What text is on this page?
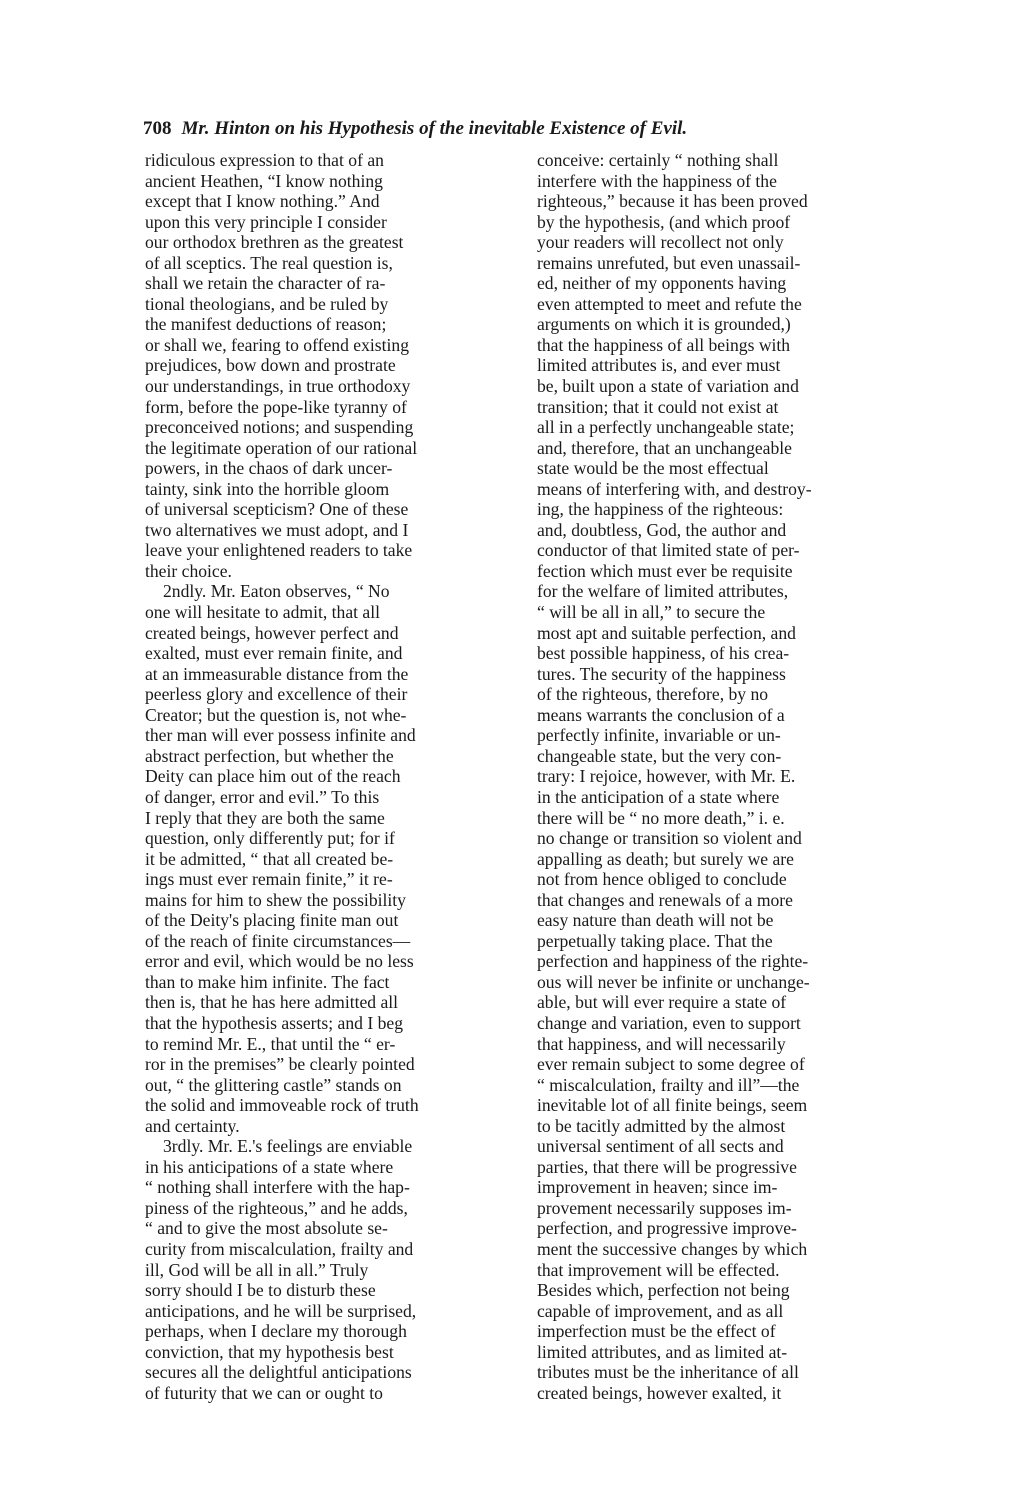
708 Mr. Hinton on his Hypothesis of the inevitable Existence of Evil.
ridiculous expression to that of an
ancient Heathen, “I know nothing
except that I know nothing.” And
upon this very principle I consider
our orthodox brethren as the greatest
of all sceptics. The real question is,
shall we retain the character of ra-
tional theologians, and be ruled by
the manifest deductions of reason;
or shall we, fearing to offend existing
prejudices, bow down and prostrate
our understandings, in true orthodoxy
form, before the pope-like tyranny of
preconceived notions; and suspending
the legitimate operation of our rational
powers, in the chaos of dark uncer-
tainty, sink into the horrible gloom
of universal scepticism? One of these
two alternatives we must adopt, and I
leave your enlightened readers to take
their choice.
2ndly. Mr. Eaton observes, “ No
one will hesitate to admit, that all
created beings, however perfect and
exalted, must ever remain finite, and
at an immeasurable distance from the
peerless glory and excellence of their
Creator; but the question is, not whe-
ther man will ever possess infinite and
abstract perfection, but whether the
Deity can place him out of the reach
of danger, error and evil.” To this
I reply that they are both the same
question, only differently put; for if
it be admitted, “ that all created be-
ings must ever remain finite,” it re-
mains for him to shew the possibility
of the Deity's placing finite man out
of the reach of finite circumstances—
error and evil, which would be no less
than to make him infinite. The fact
then is, that he has here admitted all
that the hypothesis asserts; and I beg
to remind Mr. E., that until the “ er-
ror in the premises” be clearly pointed
out, “ the glittering castle” stands on
the solid and immoveable rock of truth
and certainty.
3rdly. Mr. E.'s feelings are enviable
in his anticipations of a state where
“ nothing shall interfere with the hap-
piness of the righteous,” and he adds,
“ and to give the most absolute se-
curity from miscalculation, frailty and
ill, God will be all in all.” Truly
sorry should I be to disturb these
anticipations, and he will be surprised,
perhaps, when I declare my thorough
conviction, that my hypothesis best
secures all the delightful anticipations
of futurity that we can or ought to
conceive: certainly “ nothing shall
interfere with the happiness of the
righteous,” because it has been proved
by the hypothesis, (and which proof
your readers will recollect not only
remains unrefuted, but even unassail-
ed, neither of my opponents having
even attempted to meet and refute the
arguments on which it is grounded,)
that the happiness of all beings with
limited attributes is, and ever must
be, built upon a state of variation and
transition; that it could not exist at
all in a perfectly unchangeable state;
and, therefore, that an unchangeable
state would be the most effectual
means of interfering with, and destroy-
ing, the happiness of the righteous:
and, doubtless, God, the author and
conductor of that limited state of per-
fection which must ever be requisite
for the welfare of limited attributes,
“ will be all in all,” to secure the
most apt and suitable perfection, and
best possible happiness, of his crea-
tures. The security of the happiness
of the righteous, therefore, by no
means warrants the conclusion of a
perfectly infinite, invariable or un-
changeable state, but the very con-
trary: I rejoice, however, with Mr. E.
in the anticipation of a state where
there will be “ no more death,” i. e.
no change or transition so violent and
appalling as death; but surely we are
not from hence obliged to conclude
that changes and renewals of a more
easy nature than death will not be
perpetually taking place. That the
perfection and happiness of the righte-
ous will never be infinite or unchange-
able, but will ever require a state of
change and variation, even to support
that happiness, and will necessarily
ever remain subject to some degree of
“ miscalculation, frailty and ill”—the
inevitable lot of all finite beings, seem
to be tacitly admitted by the almost
universal sentiment of all sects and
parties, that there will be progressive
improvement in heaven; since im-
provement necessarily supposes im-
perfection, and progressive improve-
ment the successive changes by which
that improvement will be effected.
Besides which, perfection not being
capable of improvement, and as all
imperfection must be the effect of
limited attributes, and as limited at-
tributes must be the inheritance of all
created beings, however exalted, it
